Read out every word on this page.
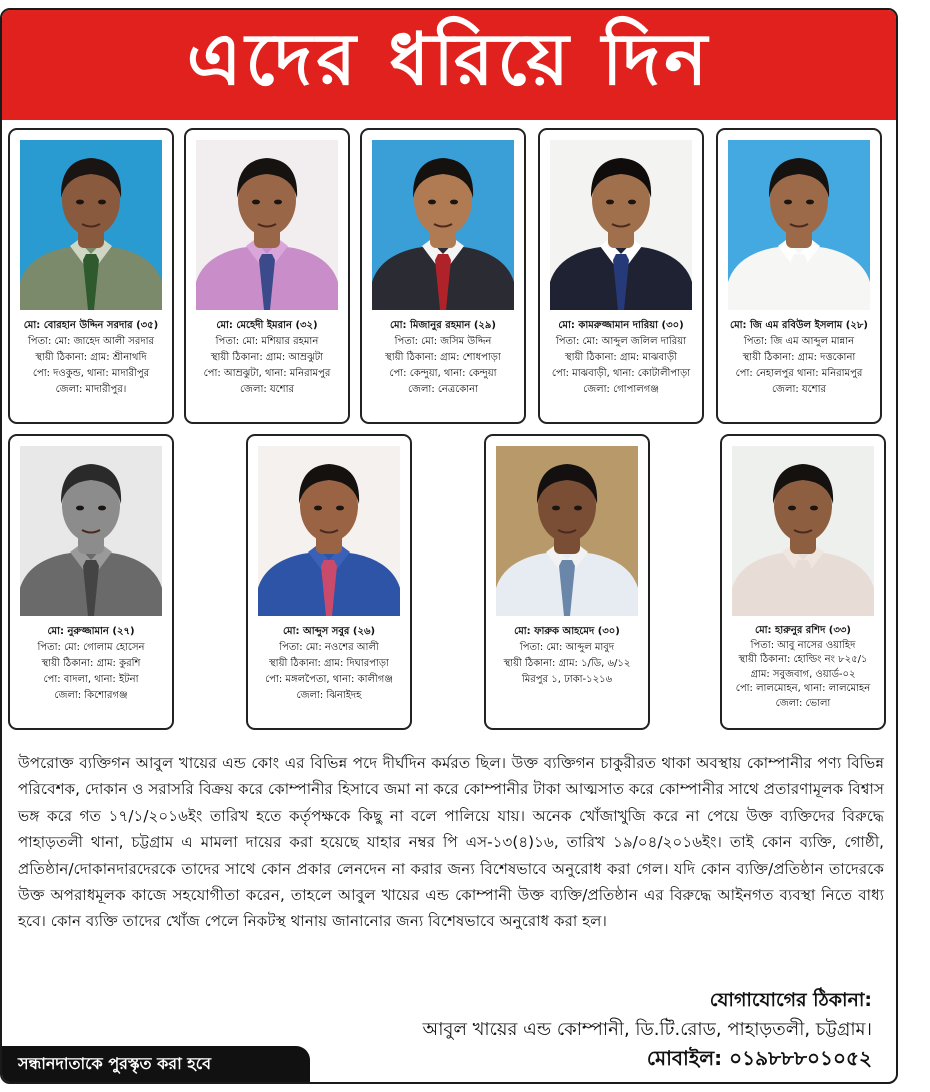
এদের ধরিয়ে দিন
মো: বোরহান উদ্দিন সরদার (৩৫)
পিতা: মো: জাহেদ আলী সরদার
স্থায়ী ঠিকানা: গ্রাম: শ্রীনাথদি
পো: দওকুন্ড, থানা: মাদারীপুর
জেলা: মাদারীপুর।
মো: মেহেদী ইমরান (৩২)
পিতা: মো: মশিয়ার রহমান
স্থায়ী ঠিকানা: গ্রাম: আম্রঝুটা
পো: আম্রঝুটা, থানা: মনিরামপুর
জেলা: যশোর
মো: মিজানুর রহমান (২৯)
পিতা: মো: জসিম উদ্দিন
স্থায়ী ঠিকানা: গ্রাম: শোধপাড়া
পো: কেন্দুয়া, থানা: কেন্দুয়া
জেলা: নেত্রকোনা
মো: কামরুজ্জামান দারিয়া (৩০)
পিতা: মো: আব্দুল জলিল দারিয়া
স্থায়ী ঠিকানা: গ্রাম: মাঝবাড়ী
পো: মাঝবাড়ী, থানা: কোটালীপাড়া
জেলা: গোপালগঞ্জ
মো: জি এম রবিউল ইসলাম (২৮)
পিতা: জি এম আব্দুল মান্নান
স্থায়ী ঠিকানা: গ্রাম: দত্তকোনা
পো: নেহালপুর থানা: মনিরামপুর
জেলা: যশোর
মো: নুরুজ্জামান (২৭)
পিতা: মো: গোলাম হোসেন
স্থায়ী ঠিকানা: গ্রাম: কুরশি
পো: বাদলা, থানা: ইটনা
জেলা: কিশোরগঞ্জ
মো: আব্দুস সবুর (২৬)
পিতা: মো: নওশের আলী
স্থায়ী ঠিকানা: গ্রাম: দিঘারপাড়া
পো: মঙ্গলপৈতা, থানা: কালীগঞ্জ
জেলা: ঝিনাইদহ
মো: ফারুক আহমেদ (৩০)
পিতা: মো: আব্দুল মাবুদ
স্থায়ী ঠিকানা: গ্রাম: ১/ডি, ৬/১২
মিরপুর ১, ঢাকা-১২১৬
মো: হারুনুর রশিদ (৩৩)
পিতা: আবু নাসের ওয়াহিদ
স্থায়ী ঠিকানা: হোল্ডিং নং ৮২৫/১
গ্রাম: সবুজবাগ, ওয়ার্ড-০২
পো: লালমোহন, থানা: লালমোহন
জেলা: ভোলা
উপরোক্ত ব্যক্তিগন আবুল খায়ের এন্ড কোং এর বিভিন্ন পদে দীর্ঘদিন কর্মরত ছিল। উক্ত ব্যক্তিগন চাকুরীরত থাকা অবস্থায় কোম্পানীর পণ্য বিভিন্ন পরিবেশক, দোকান ও সরাসরি বিক্রয় করে কোম্পানীর হিসাবে জমা না করে কোম্পানীর টাকা আত্মসাত করে কোম্পানীর সাথে প্রতারণামূলক বিশ্বাস ভঙ্গ করে গত ১৭/১/২০১৬ইং তারিখ হতে কর্তৃপক্ষকে কিছু না বলে পালিয়ে যায়। অনেক খোঁজাখুজি করে না পেয়ে উক্ত ব্যক্তিদের বিরুদ্ধে পাহাড়তলী থানা, চট্টগ্রাম এ মামলা দায়ের করা হয়েছে যাহার নম্বর পি এস-১৩(৪)১৬, তারিখ ১৯/০৪/২০১৬ইং। তাই কোন ব্যক্তি, গোষ্ঠী, প্রতিষ্ঠান/দোকানদারদেরকে তাদের সাথে কোন প্রকার লেনদেন না করার জন্য বিশেষভাবে অনুরোধ করা গেল। যদি কোন ব্যক্তি/প্রতিষ্ঠান তাদেরকে উক্ত অপরাধমূলক কাজে সহযোগীতা করেন, তাহলে আবুল খায়ের এন্ড কোম্পানী উক্ত ব্যক্তি/প্রতিষ্ঠান এর বিরুদ্ধে আইনগত ব্যবস্থা নিতে বাধ্য হবে। কোন ব্যক্তি তাদের খোঁজ পেলে নিকটস্থ থানায় জানানোর জন্য বিশেষভাবে অনুরোধ করা হল।
যোগাযোগের ঠিকানা:
আবুল খায়ের এন্ড কোম্পানী, ডি.টি.রোড, পাহাড়তলী, চট্টগ্রাম।
মোবাইল: ০১৯৮৮৮০১০৫২
সন্ধানদাতাকে পুরস্কৃত করা হবে
